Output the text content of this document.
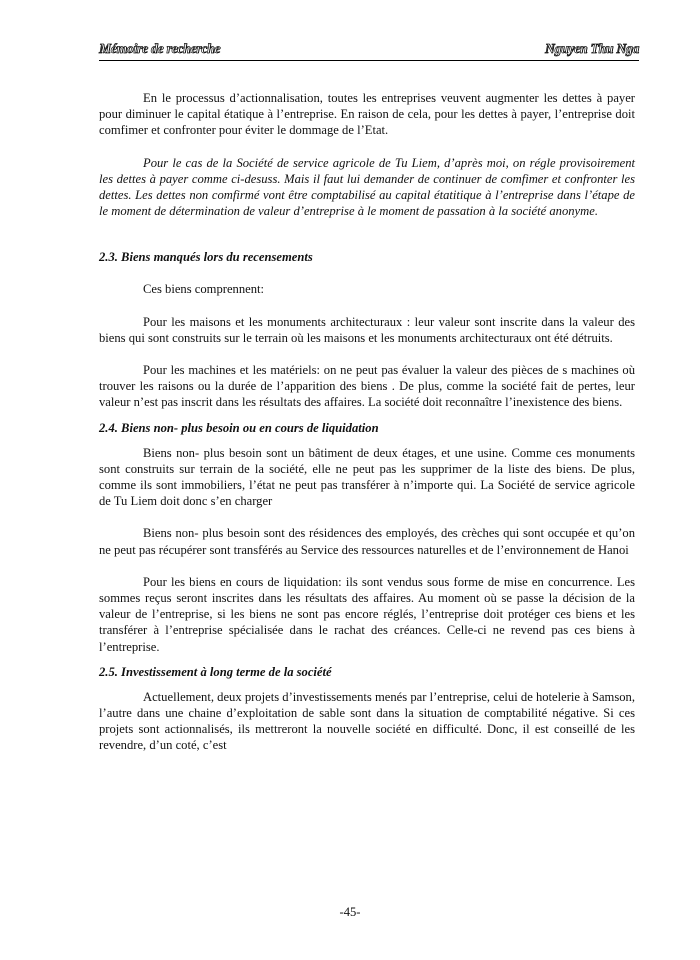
Mémoire de recherche	Nguyen Thu Nga

En le processus d’actionnalisation, toutes les entreprises veuvent augmenter les dettes à payer pour diminuer le capital étatique à l’entreprise. En raison de cela, pour les dettes à payer, l’entreprise doit comfimer et confronter pour éviter le dommage de l’Etat.

Pour le cas de la Société de service agricole de Tu Liem, d’après moi, on régle provisoirement les dettes à payer comme ci-desuss. Mais il faut lui demander de continuer de comfimer et confronter les dettes. Les dettes non comfirmé vont être comptabilisé au capital étatitique à l’entreprise dans l’étape de le moment de détermination de valeur d’entreprise à le moment de passation à la société anonyme.

2.3. Biens manqués lors du recensements

Ces biens comprennent:

Pour les maisons et les monuments architecturaux : leur valeur sont inscrite dans la valeur des biens qui sont construits sur le terrain où les maisons et les monuments architecturaux ont été détruits.

Pour les machines et les matériels: on ne peut pas évaluer la valeur des pièces de s machines où trouver les raisons ou la durée de l’apparition des biens . De plus, comme la société fait de pertes, leur valeur n’est pas inscrit dans les résultats des affaires. La société doit reconnaître l’inexistence des biens.

2.4. Biens non- plus besoin ou en cours de liquidation

Biens non- plus besoin sont un bâtiment de deux étages, et une usine. Comme ces monuments sont construits sur terrain de la société, elle ne peut pas les supprimer de la liste des biens. De plus, comme ils sont immobiliers, l’état ne peut pas transférer à n’importe qui. La Société de service agricole de Tu Liem doit donc s’en charger

Biens non- plus besoin sont des résidences des employés, des crèches qui sont occupée et qu’on ne peut pas récupérer sont transférés au Service des ressources naturelles et de l’environnement de Hanoi

Pour les biens en cours de liquidation: ils sont vendus sous forme de mise en concurrence. Les sommes reçus seront inscrites dans les résultats des affaires. Au moment où se passe la décision de la valeur de l’entreprise, si les biens ne sont pas encore réglés, l’entreprise doit protéger ces biens et les transférer à l’entreprise spécialisée dans le rachat des créances. Celle-ci ne revend pas ces biens à l’entreprise.

2.5. Investissement à long terme de la société

Actuellement, deux projets d’investissements menés par l’entreprise, celui de hotelerie à Samson, l’autre dans une chaine d’exploitation de sable sont dans la situation de comptabilité négative. Si ces projets sont actionnalisés, ils mettreront la nouvelle société en difficulté. Donc, il est conseillé de les revendre, d’un coté, c’est

-45-
